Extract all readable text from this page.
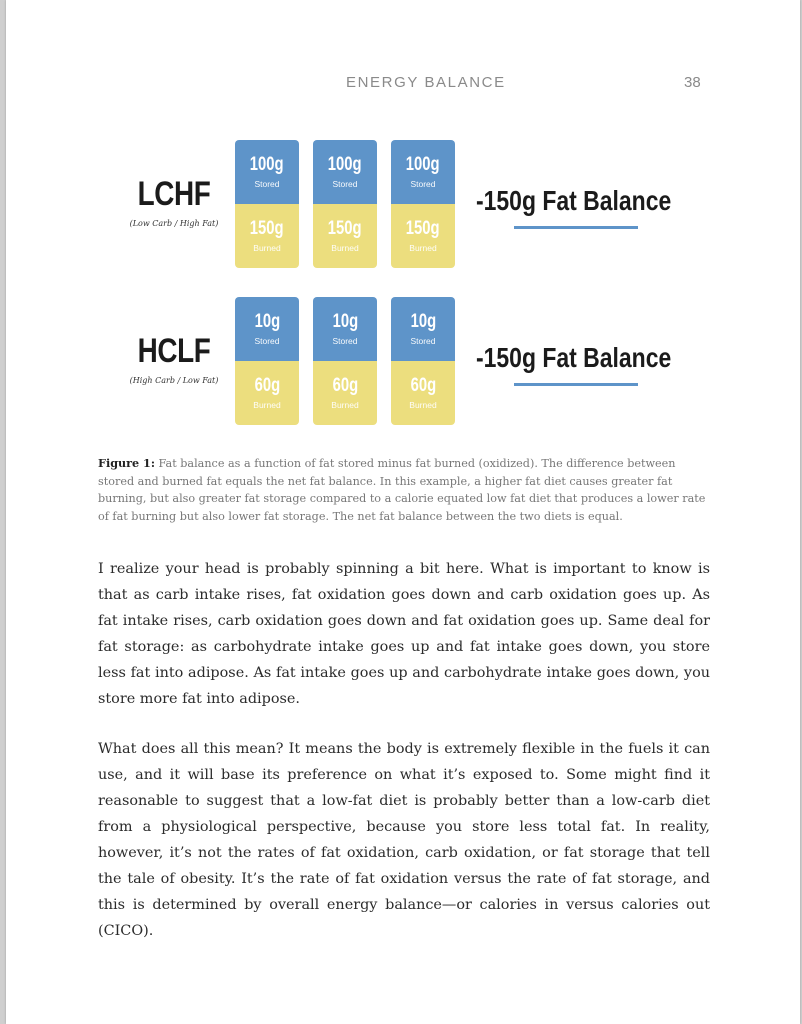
ENERGY BALANCE	38
LCHF
(Low Carb / High Fat)
100g
Stored
150g
Burned
100g
Stored
150g
Burned
100g
Stored
150g
Burned
-150g Fat Balance
HCLF
(High Carb / Low Fat)
10g
Stored
60g
Burned
10g
Stored
60g
Burned
10g
Stored
60g
Burned
-150g Fat Balance
Figure 1: Fat balance as a function of fat stored minus fat burned (oxidized). The difference between stored and burned fat equals the net fat balance. In this example, a higher fat diet causes greater fat burning, but also greater fat storage compared to a calorie equated low fat diet that produces a lower rate of fat burning but also lower fat storage. The net fat balance between the two diets is equal.

I realize your head is probably spinning a bit here. What is important to know is that as carb intake rises, fat oxidation goes down and carb oxidation goes up. As fat intake rises, carb oxidation goes down and fat oxidation goes up. Same deal for fat storage: as carbohydrate intake goes up and fat intake goes down, you store less fat into adipose. As fat intake goes up and carbohydrate intake goes down, you store more fat into adipose.

What does all this mean? It means the body is extremely flexible in the fuels it can use, and it will base its preference on what it’s exposed to. Some might find it reasonable to suggest that a low-fat diet is probably better than a low-carb diet from a physiological perspective, because you store less total fat. In reality, however, it’s not the rates of fat oxidation, carb oxidation, or fat storage that tell the tale of obesity. It’s the rate of fat oxidation versus the rate of fat storage, and this is determined by overall energy balance—or calories in versus calories out (CICO).
